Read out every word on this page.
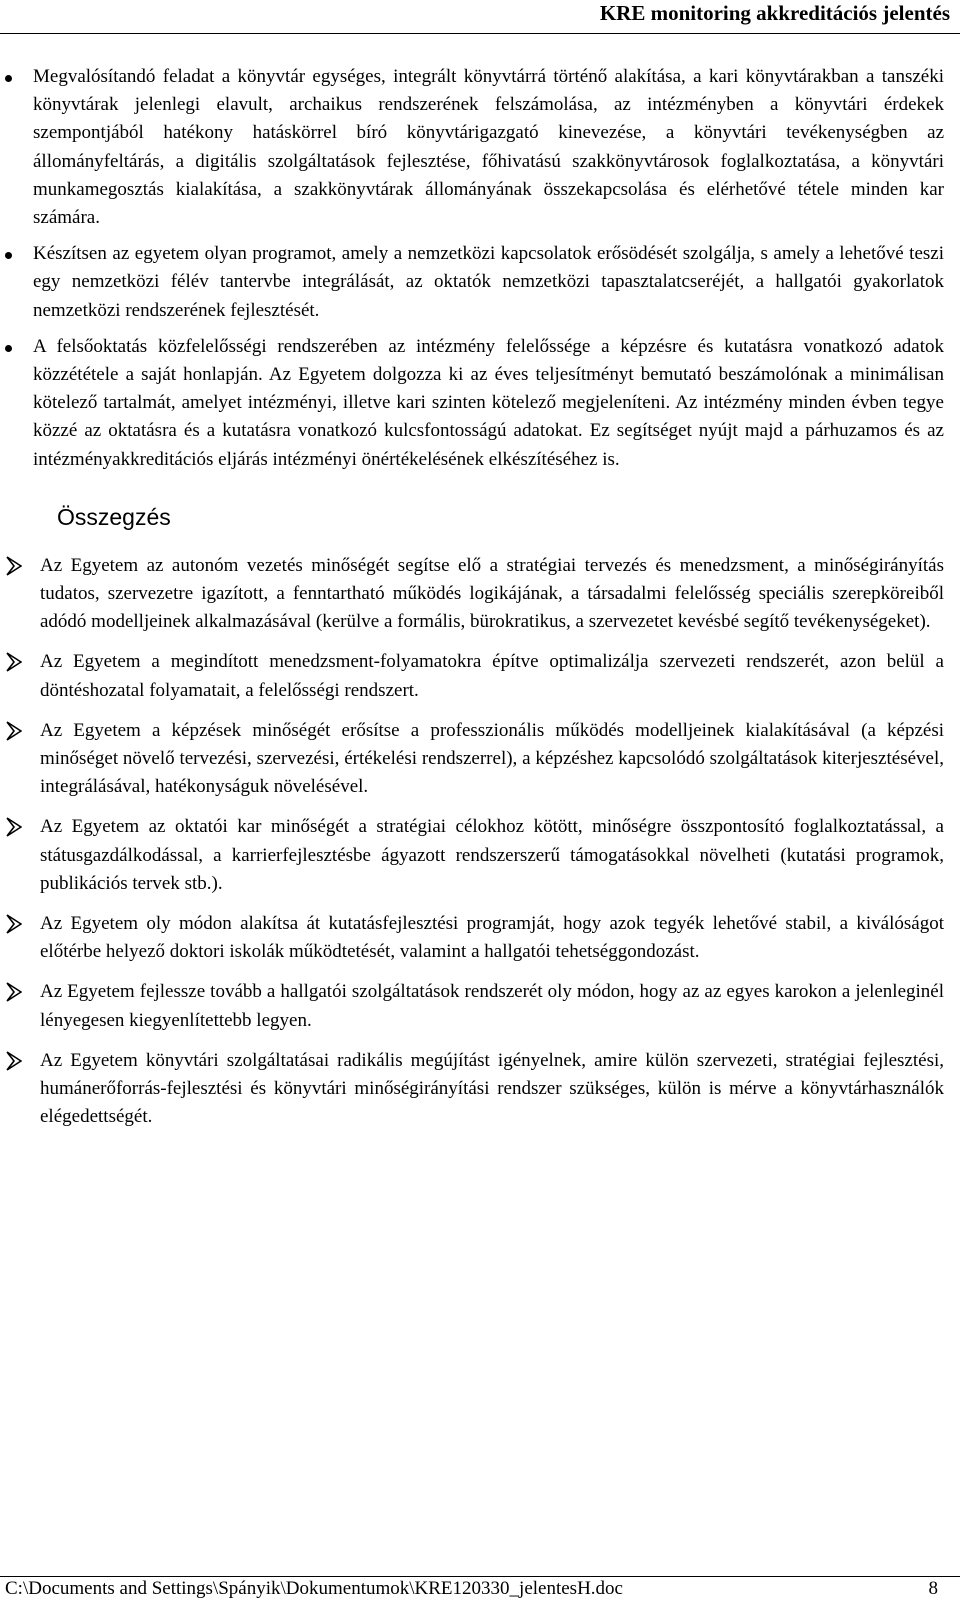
KRE monitoring akkreditációs jelentés

Megvalósítandó feladat a könyvtár egységes, integrált könyvtárrá történő alakítása, a kari könyvtárakban a tanszéki könyvtárak jelenlegi elavult, archaikus rendszerének felszámolása, az intézményben a könyvtári érdekek szempontjából hatékony hatáskörrel bíró könyvtárigazgató kinevezése, a könyvtári tevékenységben az állományfeltárás, a digitális szolgáltatások fejlesztése, főhivatású szakkönyvtárosok foglalkoztatása, a könyvtári munkamegosztás kialakítása, a szakkönyvtárak állományának összekapcsolása és elérhetővé tétele minden kar számára.

Készítsen az egyetem olyan programot, amely a nemzetközi kapcsolatok erősödését szolgálja, s amely a lehetővé teszi egy nemzetközi félév tantervbe integrálását, az oktatók nemzetközi tapasztalatcseréjét, a hallgatói gyakorlatok nemzetközi rendszerének fejlesztését.

A felsőoktatás közfelelősségi rendszerében az intézmény felelőssége a képzésre és kutatásra vonatkozó adatok közzététele a saját honlapján. Az Egyetem dolgozza ki az éves teljesítményt bemutató beszámolónak a minimálisan kötelező tartalmát, amelyet intézményi, illetve kari szinten kötelező megjeleníteni. Az intézmény minden évben tegye közzé az oktatásra és a kutatásra vonatkozó kulcsfontosságú adatokat. Ez segítséget nyújt majd a párhuzamos és az intézményakkreditációs eljárás intézményi önértékelésének elkészítéséhez is.

Összegzés

Az Egyetem az autonóm vezetés minőségét segítse elő a stratégiai tervezés és menedzsment, a minőségirányítás tudatos, szervezetre igazított, a fenntartható működés logikájának, a társadalmi felelősség speciális szerepköreiből adódó modelljeinek alkalmazásával (kerülve a formális, bürokratikus, a szervezetet kevésbé segítő tevékenységeket).

Az Egyetem a megindított menedzsment-folyamatokra építve optimalizálja szervezeti rendszerét, azon belül a döntéshozatal folyamatait, a felelősségi rendszert.

Az Egyetem a képzések minőségét erősítse a professzionális működés modelljeinek kialakításával (a képzési minőséget növelő tervezési, szervezési, értékelési rendszerrel), a képzéshez kapcsolódó szolgáltatások kiterjesztésével, integrálásával, hatékonyságuk növelésével.

Az Egyetem az oktatói kar minőségét a stratégiai célokhoz kötött, minőségre összpontosító foglalkoztatással, a státusgazdálkodással, a karrierfejlesztésbe ágyazott rendszerszerű támogatásokkal növelheti (kutatási programok, publikációs tervek stb.).

Az Egyetem oly módon alakítsa át kutatásfejlesztési programját, hogy azok tegyék lehetővé stabil, a kiválóságot előtérbe helyező doktori iskolák működtetését, valamint a hallgatói tehetséggondozást.

Az Egyetem fejlessze tovább a hallgatói szolgáltatások rendszerét oly módon, hogy az az egyes karokon a jelenleginél lényegesen kiegyenlítettebb legyen.

Az Egyetem könyvtári szolgáltatásai radikális megújítást igényelnek, amire külön szervezeti, stratégiai fejlesztési, humánerőforrás-fejlesztési és könyvtári minőségirányítási rendszer szükséges, külön is mérve a könyvtárhasználók elégedettségét.

C:\Documents and Settings\Spányik\Dokumentumok\KRE120330_jelentesH.doc	8
